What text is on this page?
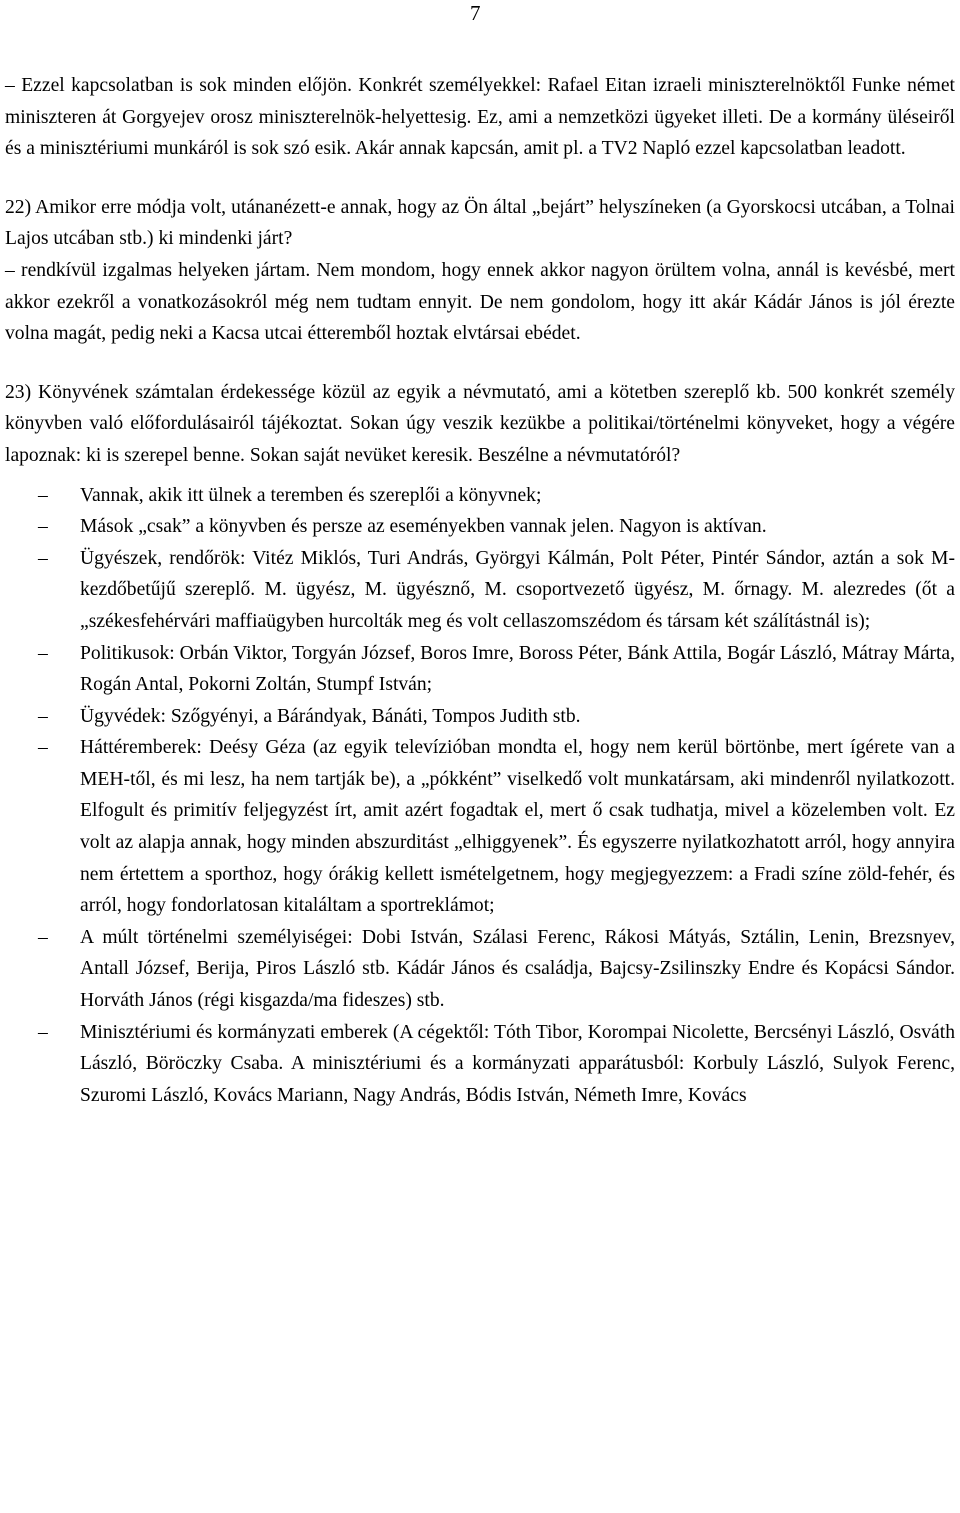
7

– Ezzel kapcsolatban is sok minden előjön. Konkrét személyekkel: Rafael Eitan izraeli miniszterelnöktől Funke német miniszteren át Gorgyejev orosz miniszterelnök-helyettesig. Ez, ami a nemzetközi ügyeket illeti. De a kormány üléseiről és a minisztériumi munkáról is sok szó esik. Akár annak kapcsán, amit pl. a TV2 Napló ezzel kapcsolatban leadott.

22) Amikor erre módja volt, utánanézett-e annak, hogy az Ön által „bejárt” helyszíneken (a Gyorskocsi utcában, a Tolnai Lajos utcában stb.) ki mindenki járt?

– rendkívül izgalmas helyeken jártam. Nem mondom, hogy ennek akkor nagyon örültem volna, annál is kevésbé, mert akkor ezekről a vonatkozásokról még nem tudtam ennyit. De nem gondolom, hogy itt akár Kádár János is jól érezte volna magát, pedig neki a Kacsa utcai étteremből hoztak elvtársai ebédet.

23) Könyvének számtalan érdekessége közül az egyik a névmutató, ami a kötetben szereplő kb. 500 konkrét személy könyvben való előfordulásairól tájékoztat. Sokan úgy veszik kezükbe a politikai/történelmi könyveket, hogy a végére lapoznak: ki is szerepel benne. Sokan saját nevüket keresik. Beszélne a névmutatóról?

– Vannak, akik itt ülnek a teremben és szereplői a könyvnek;
– Mások „csak” a könyvben és persze az eseményekben vannak jelen. Nagyon is aktívan.
– Ügyészek, rendőrök: Vitéz Miklós, Turi András, Györgyi Kálmán, Polt Péter, Pintér Sándor, aztán a sok M-kezdőbetűjű szereplő. M. ügyész, M. ügyésznő, M. csoportvezető ügyész, M. őrnagy. M. alezredes (őt a „székesfehérvári maffiaügyben hurcolták meg és volt cellaszomszédom és társam két szálítástnál is);
– Politikusok: Orbán Viktor, Torgyán József, Boros Imre, Boross Péter, Bánk Attila, Bogár László, Mátray Márta, Rogán Antal, Pokorni Zoltán, Stumpf István;
– Ügyvédek: Szőgyényi, a Bárándyak, Bánáti, Tompos Judith stb.
– Háttéremberek: Deésy Géza (az egyik televízióban mondta el, hogy nem kerül börtönbe, mert ígérete van a MEH-től, és mi lesz, ha nem tartják be), a „pókként” viselkedő volt munkatársam, aki mindenről nyilatkozott. Elfogult és primitív feljegyzést írt, amit azért fogadtak el, mert ő csak tudhatja, mivel a közelemben volt. Ez volt az alapja annak, hogy minden abszurditást „elhiggyenek”. És egyszerre nyilatkozhatott arról, hogy annyira nem értettem a sporthoz, hogy órákig kellett ismételgetnem, hogy megjegyezzem: a Fradi színe zöld-fehér, és arról, hogy fondorlatosan kitaláltam a sportreklámot;
– A múlt történelmi személyiségei: Dobi István, Szálasi Ferenc, Rákosi Mátyás, Sztálin, Lenin, Brezsnyev, Antall József, Berija, Piros László stb. Kádár János és családja, Bajcsy-Zsilinszky Endre és Kopácsi Sándor. Horváth János (régi kisgazda/ma fideszes) stb.
– Minisztériumi és kormányzati emberek (A cégektől: Tóth Tibor, Korompai Nicolette, Bercsényi László, Osváth László, Böröczky Csaba. A minisztériumi és a kormányzati apparátusból: Korbuly László, Sulyok Ferenc, Szuromi László, Kovács Mariann, Nagy András, Bódis István, Németh Imre, Kovács
